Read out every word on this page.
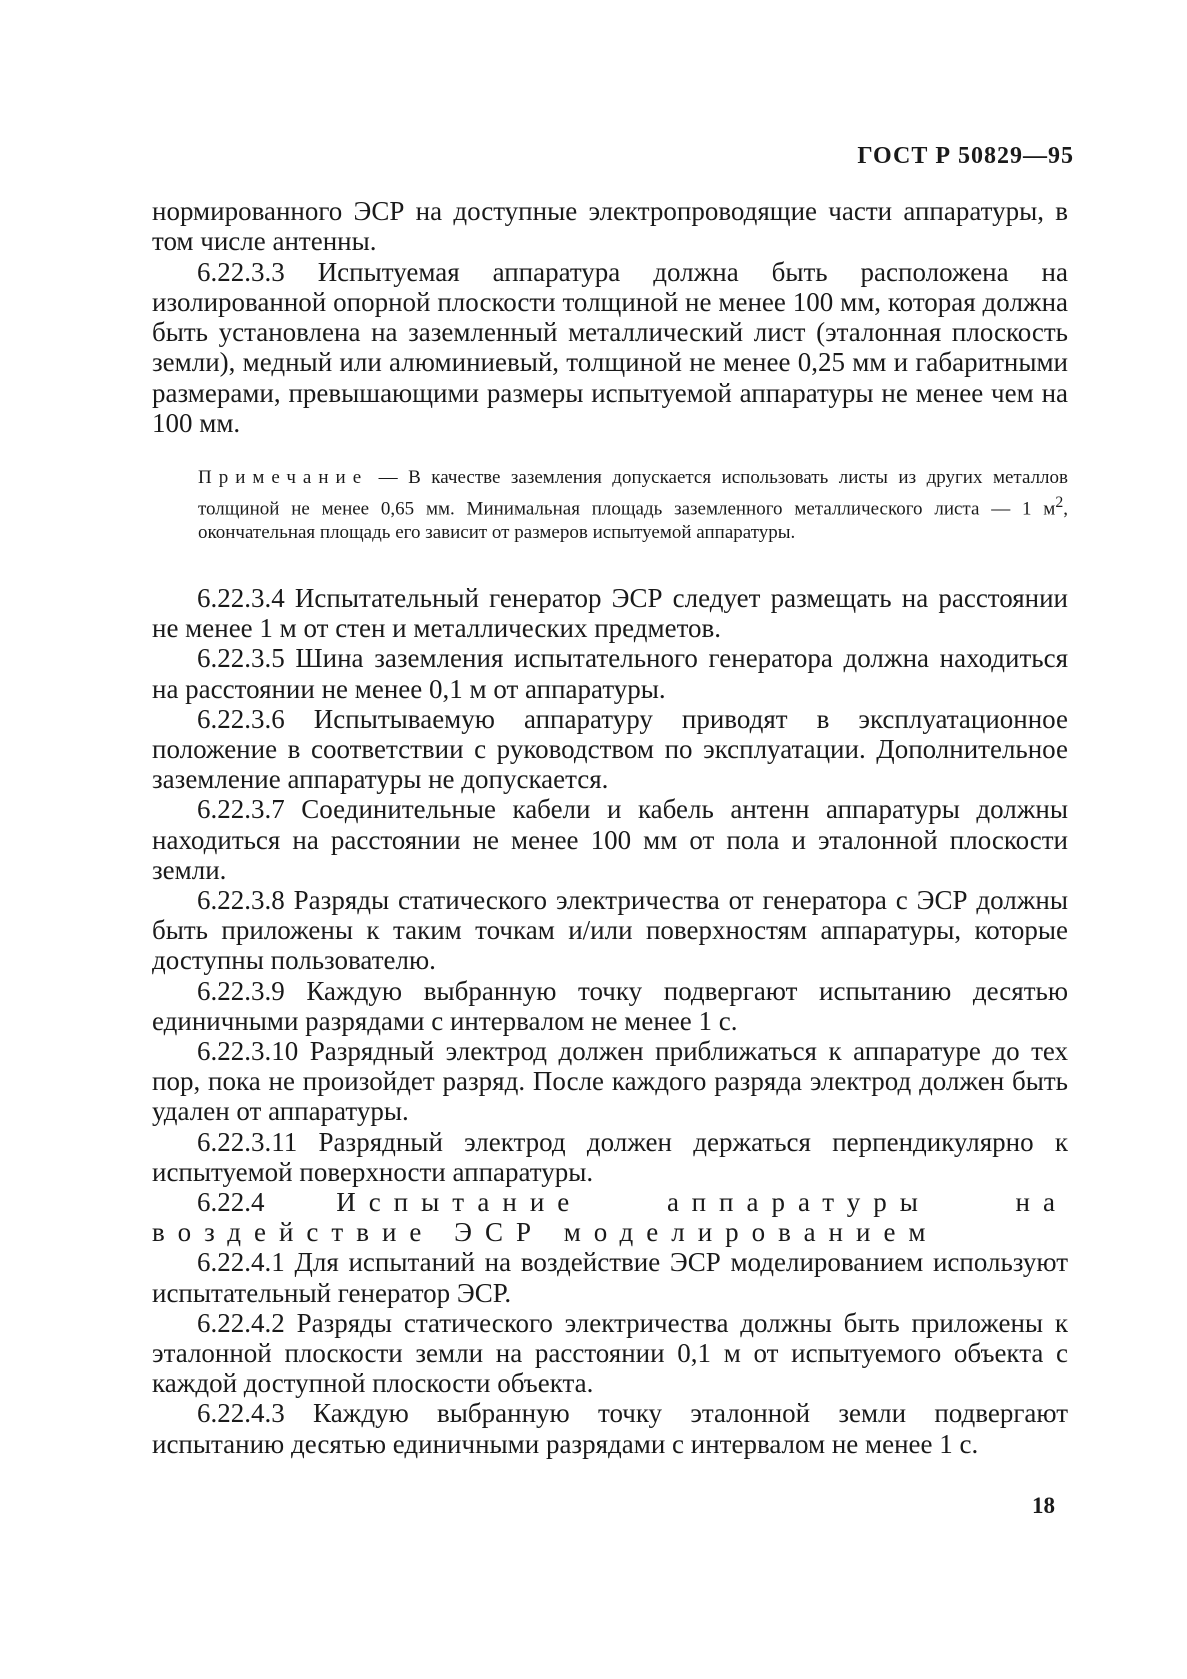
ГОСТ Р 50829—95

нормированного ЭСР на доступные электропроводящие части аппаратуры, в том числе антенны.

6.22.3.3 Испытуемая аппаратура должна быть расположена на изолированной опорной плоскости толщиной не менее 100 мм, которая должна быть установлена на заземленный металлический лист (эталонная плоскость земли), медный или алюминиевый, толщиной не менее 0,25 мм и габаритными размерами, превышающими размеры испытуемой аппаратуры не менее чем на 100 мм.

Примечание — В качестве заземления допускается использовать листы из других металлов толщиной не менее 0,65 мм. Минимальная площадь заземленного металлического листа — 1 $м^2$, окончательная площадь его зависит от размеров испытуемой аппаратуры.

6.22.3.4 Испытательный генератор ЭСР следует размещать на расстоянии не менее 1 м от стен и металлических предметов.

6.22.3.5 Шина заземления испытательного генератора должна находиться на расстоянии не менее 0,1 м от аппаратуры.

6.22.3.6 Испытываемую аппаратуру приводят в эксплуатационное положение в соответствии с руководством по эксплуатации. Дополнительное заземление аппаратуры не допускается.

6.22.3.7 Соединительные кабели и кабель антенн аппаратуры должны находиться на расстоянии не менее 100 мм от пола и эталонной плоскости земли.

6.22.3.8 Разряды статического электричества от генератора с ЭСР должны быть приложены к таким точкам и/или поверхностям аппаратуры, которые доступны пользователю.

6.22.3.9 Каждую выбранную точку подвергают испытанию десятью единичными разрядами с интервалом не менее 1 с.

6.22.3.10 Разрядный электрод должен приближаться к аппаратуре до тех пор, пока не произойдет разряд. После каждого разряда электрод должен быть удален от аппаратуры.

6.22.3.11 Разрядный электрод должен держаться перпендикулярно к испытуемой поверхности аппаратуры.

6.22.4	Испытание аппаратуры на воздействие ЭСР моделированием

6.22.4.1 Для испытаний на воздействие ЭСР моделированием используют испытательный генератор ЭСР.

6.22.4.2 Разряды статического электричества должны быть приложены к эталонной плоскости земли на расстоянии 0,1 м от испытуемого объекта с каждой доступной плоскости объекта.

6.22.4.3 Каждую выбранную точку эталонной земли подвергают испытанию десятью единичными разрядами с интервалом не менее 1 с.

18
